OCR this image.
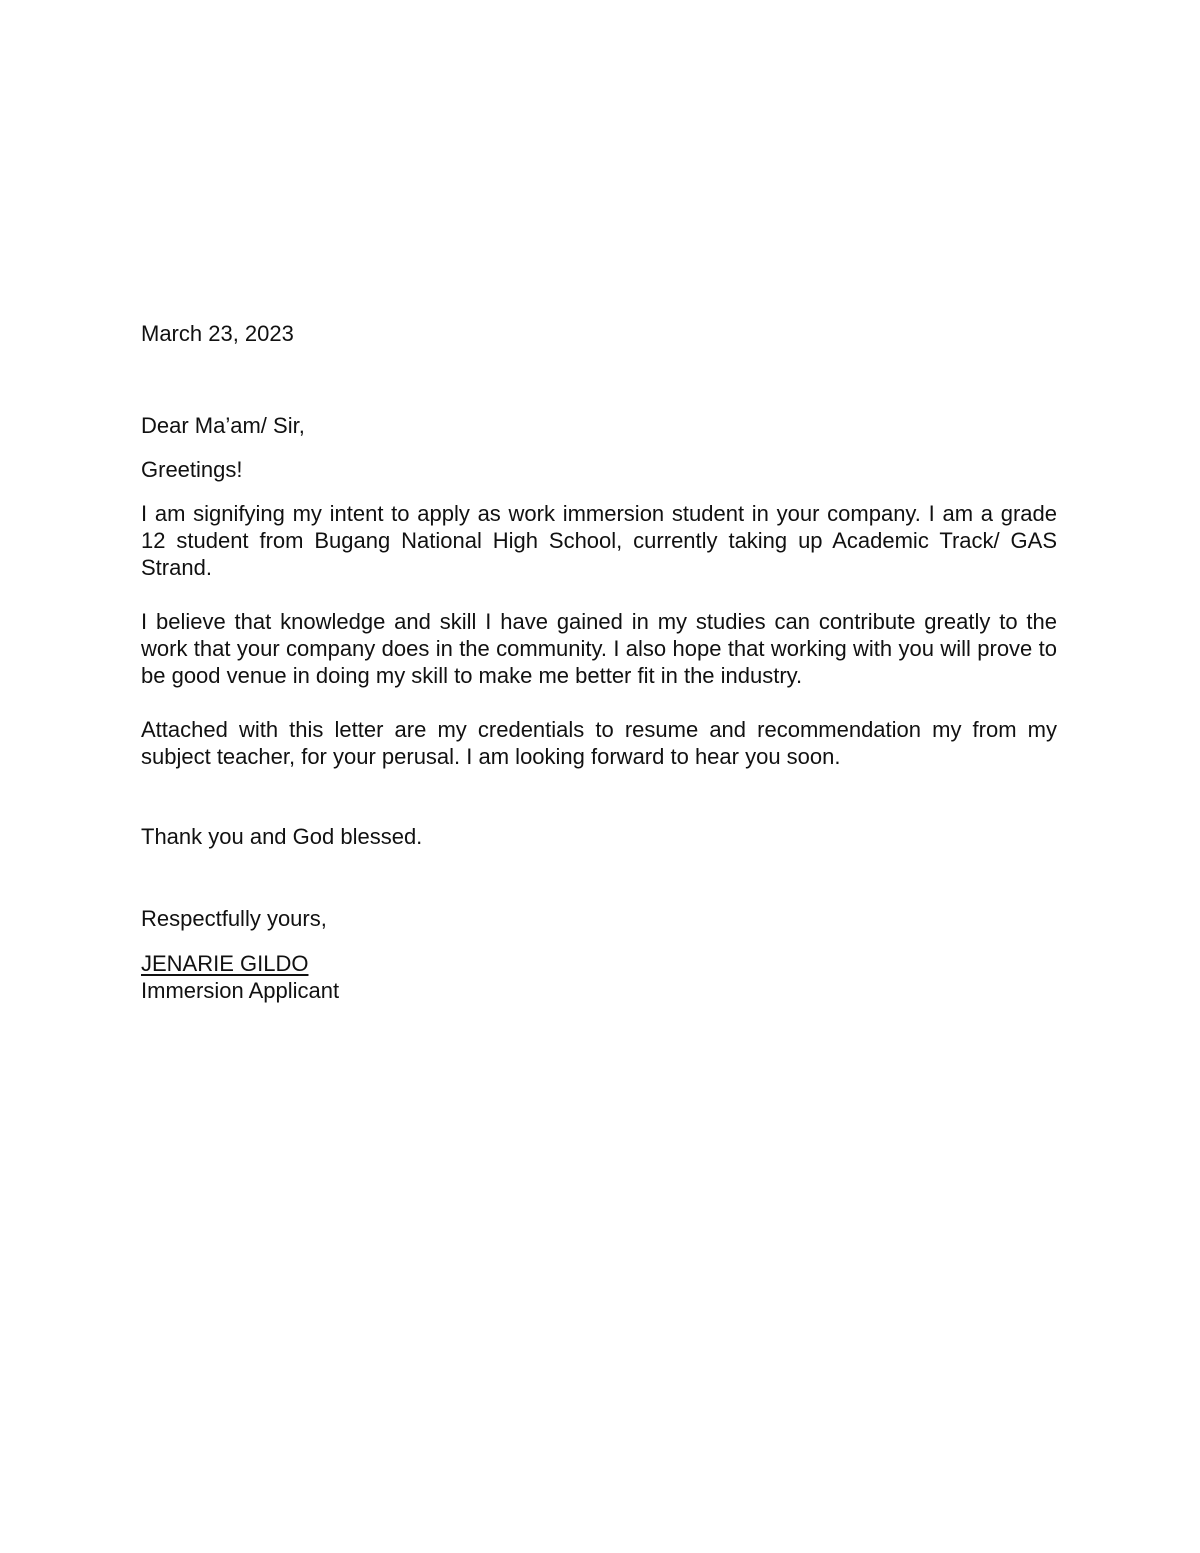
March 23, 2023

Dear Ma’am/ Sir,

Greetings!

I am signifying my intent to apply as work immersion student in your company. I am a grade 12 student from Bugang National High School, currently taking up Academic Track/ GAS Strand.

I believe that knowledge and skill I have gained in my studies can contribute greatly to the work that your company does in the community. I also hope that working with you will prove to be good venue in doing my skill to make me better fit in the industry.

Attached with this letter are my credentials to resume and recommendation my from my subject teacher, for your perusal. I am looking forward to hear you soon.

Thank you and God blessed.

Respectfully yours,

JENARIE GILDO
Immersion Applicant
